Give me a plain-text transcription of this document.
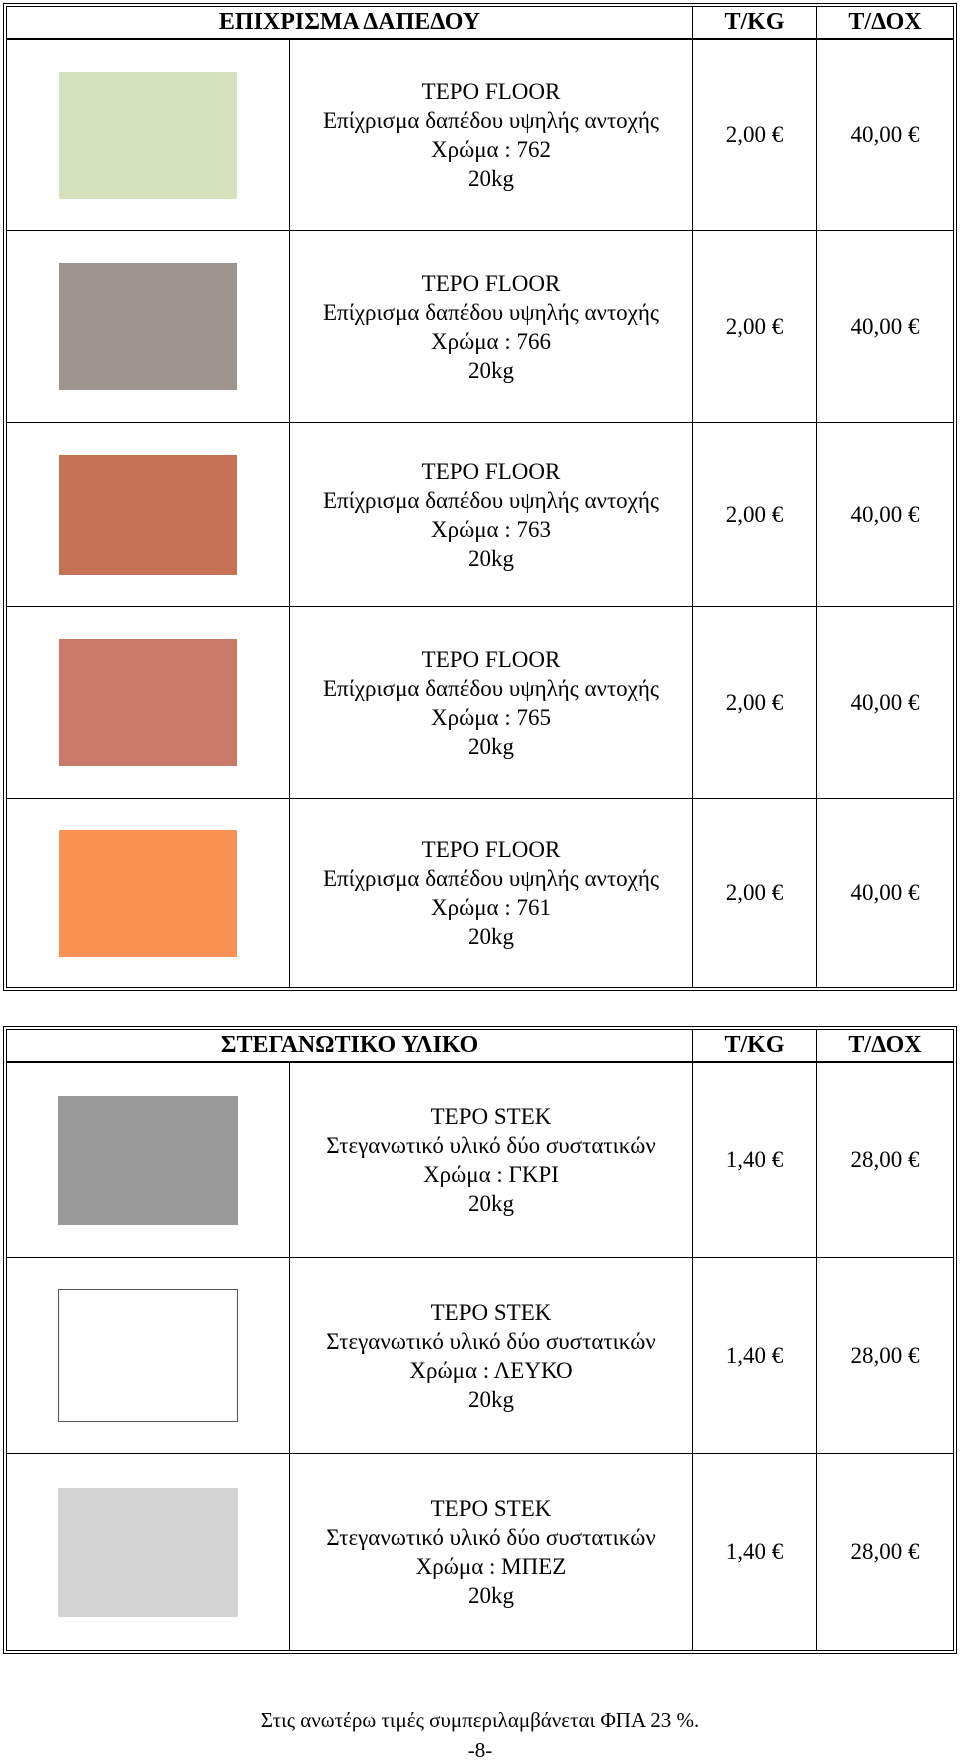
ΕΠΙΧΡΙΣΜΑ ΔΑΠΕΔΟΥ	Τ/KG	Τ/ΔΟΧ
TEPO FLOOR
Επίχρισμα δαπέδου υψηλής αντοχής
Χρώμα : 762
20kg
2,00 €	40,00 €
TEPO FLOOR
Επίχρισμα δαπέδου υψηλής αντοχής
Χρώμα : 766
20kg
2,00 €	40,00 €
TEPO FLOOR
Επίχρισμα δαπέδου υψηλής αντοχής
Χρώμα : 763
20kg
2,00 €	40,00 €
TEPO FLOOR
Επίχρισμα δαπέδου υψηλής αντοχής
Χρώμα : 765
20kg
2,00 €	40,00 €
TEPO FLOOR
Επίχρισμα δαπέδου υψηλής αντοχής
Χρώμα : 761
20kg
2,00 €	40,00 €
ΣΤΕΓΑΝΩΤΙΚΟ ΥΛΙΚΟ	Τ/KG	Τ/ΔΟΧ
TEPO STEK
Στεγανωτικό υλικό δύο συστατικών
Χρώμα : ΓΚΡΙ
20kg
1,40 €	28,00 €
TEPO STEK
Στεγανωτικό υλικό δύο συστατικών
Χρώμα : ΛΕΥΚΟ
20kg
1,40 €	28,00 €
TEPO STEK
Στεγανωτικό υλικό δύο συστατικών
Χρώμα : ΜΠΕΖ
20kg
1,40 €	28,00 €
Στις ανωτέρω τιμές συμπεριλαμβάνεται ΦΠΑ 23 %.
-8-
